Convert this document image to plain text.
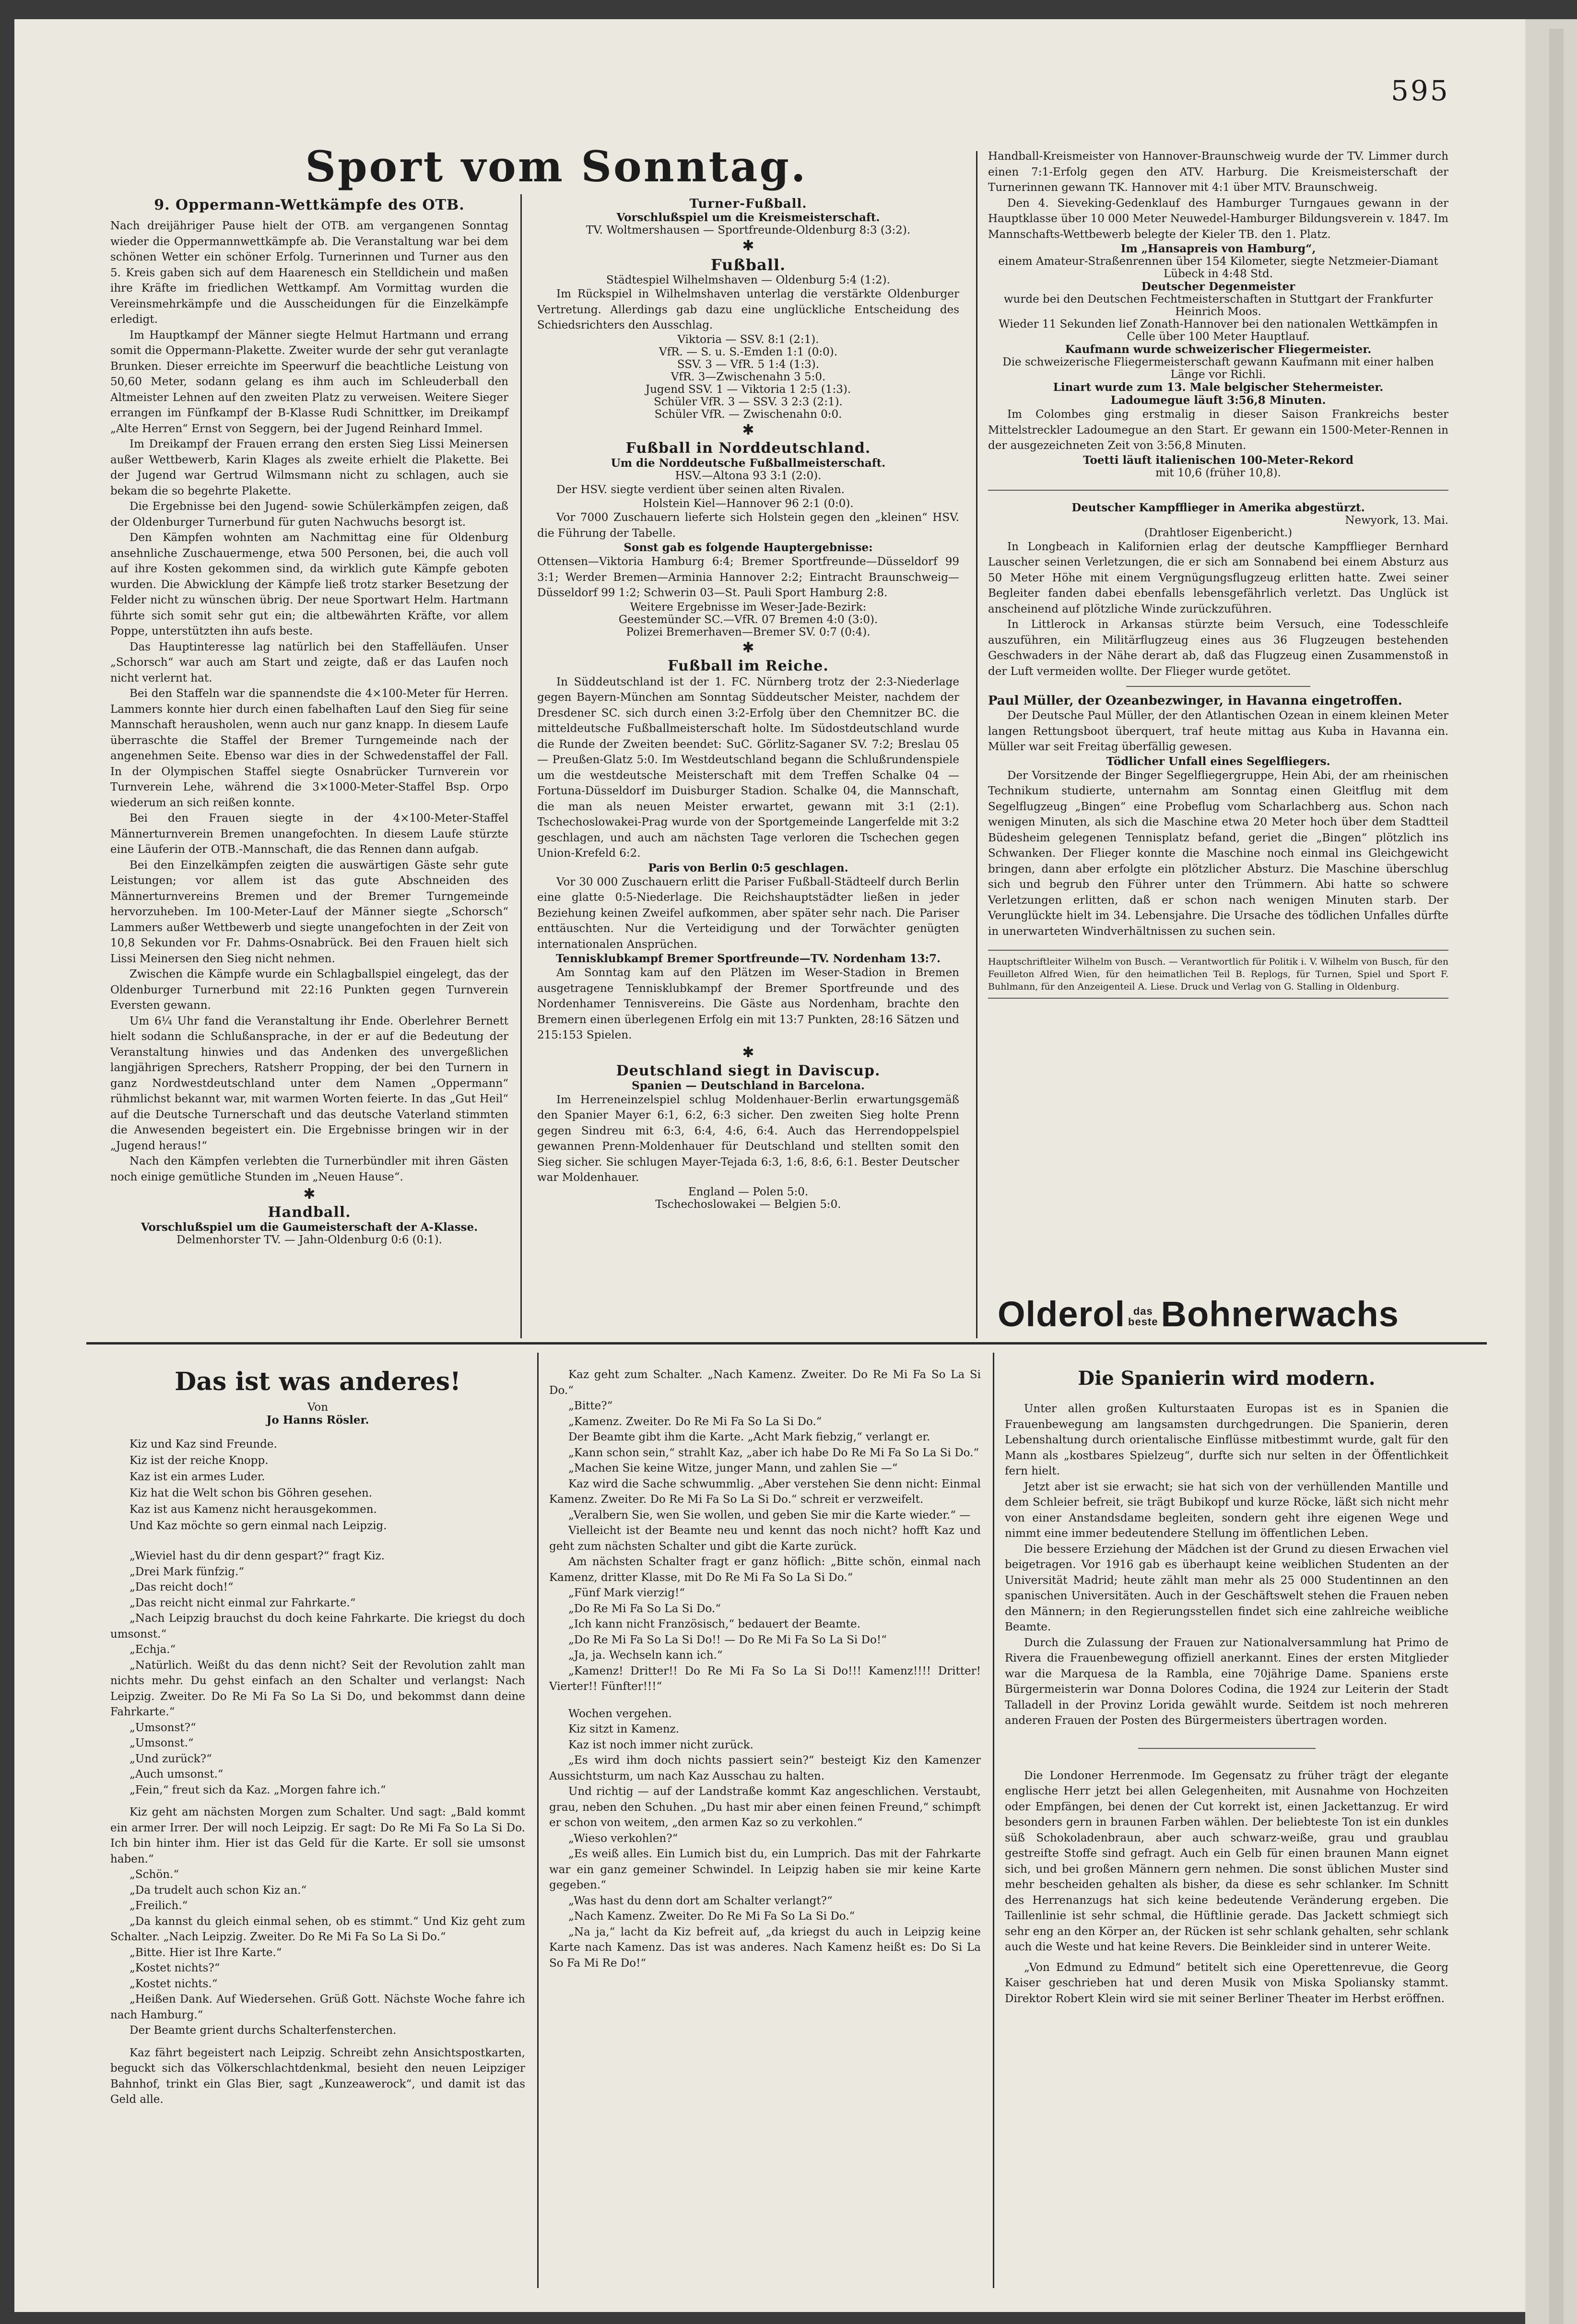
595
Sport vom Sonntag.
9. Oppermann-Wettkämpfe des OTB.

Nach dreijähriger Pause hielt der OTB. am vergangenen Sonntag wieder die Oppermannwettkämpfe ab. Die Veranstaltung war bei dem schönen Wetter ein schöner Erfolg. Turnerinnen und Turner aus den 5. Kreis gaben sich auf dem Haarenesch ein Stelldichein und maßen ihre Kräfte im friedlichen Wettkampf. Am Vormittag wurden die Vereinsmehrkämpfe und die Ausscheidungen für die Einzelkämpfe erledigt.

Im Hauptkampf der Männer siegte Helmut Hartmann und errang somit die Oppermann-Plakette. Zweiter wurde der sehr gut veranlagte Brunken. Dieser erreichte im Speerwurf die beachtliche Leistung von 50,60 Meter, sodann gelang es ihm auch im Schleuderball den Altmeister Lehnen auf den zweiten Platz zu verweisen. Weitere Sieger errangen im Fünfkampf der B-Klasse Rudi Schnittker, im Dreikampf „Alte Herren“ Ernst von Seggern, bei der Jugend Reinhard Immel.

Im Dreikampf der Frauen errang den ersten Sieg Lissi Meinersen außer Wettbewerb, Karin Klages als zweite erhielt die Plakette. Bei der Jugend war Gertrud Wilmsmann nicht zu schlagen, auch sie bekam die so begehrte Plakette.

Die Ergebnisse bei den Jugend- sowie Schülerkämpfen zeigen, daß der Oldenburger Turnerbund für guten Nachwuchs besorgt ist.

Den Kämpfen wohnten am Nachmittag eine für Oldenburg ansehnliche Zuschauermenge, etwa 500 Personen, bei, die auch voll auf ihre Kosten gekommen sind, da wirklich gute Kämpfe geboten wurden. Die Abwicklung der Kämpfe ließ trotz starker Besetzung der Felder nicht zu wünschen übrig. Der neue Sportwart Helm. Hartmann führte sich somit sehr gut ein; die altbewährten Kräfte, vor allem Poppe, unterstützten ihn aufs beste.

Das Hauptinteresse lag natürlich bei den Staffelläufen. Unser „Schorsch“ war auch am Start und zeigte, daß er das Laufen noch nicht verlernt hat.

Bei den Staffeln war die spannendste die 4×100-Meter für Herren. Lammers konnte hier durch einen fabelhaften Lauf den Sieg für seine Mannschaft herausholen, wenn auch nur ganz knapp. In diesem Laufe überraschte die Staffel der Bremer Turngemeinde nach der angenehmen Seite. Ebenso war dies in der Schwedenstaffel der Fall. In der Olympischen Staffel siegte Osnabrücker Turnverein vor Turnverein Lehe, während die 3×1000-Meter-Staffel Bsp. Orpo wiederum an sich reißen konnte.

Bei den Frauen siegte in der 4×100-Meter-Staffel Männerturnverein Bremen unangefochten. In diesem Laufe stürzte eine Läuferin der OTB.-Mannschaft, die das Rennen dann aufgab.

Bei den Einzelkämpfen zeigten die auswärtigen Gäste sehr gute Leistungen; vor allem ist das gute Abschneiden des Männerturnvereins Bremen und der Bremer Turngemeinde hervorzuheben. Im 100-Meter-Lauf der Männer siegte „Schorsch“ Lammers außer Wettbewerb und siegte unangefochten in der Zeit von 10,8 Sekunden vor Fr. Dahms-Osnabrück. Bei den Frauen hielt sich Lissi Meinersen den Sieg nicht nehmen.

Zwischen die Kämpfe wurde ein Schlagballspiel eingelegt, das der Oldenburger Turnerbund mit 22:16 Punkten gegen Turnverein Eversten gewann.

Um 6¼ Uhr fand die Veranstaltung ihr Ende. Oberlehrer Bernett hielt sodann die Schlußansprache, in der er auf die Bedeutung der Veranstaltung hinwies und das Andenken des unvergeßlichen langjährigen Sprechers, Ratsherr Propping, der bei den Turnern in ganz Nordwestdeutschland unter dem Namen „Oppermann“ rühmlichst bekannt war, mit warmen Worten feierte. In das „Gut Heil“ auf die Deutsche Turnerschaft und das deutsche Vaterland stimmten die Anwesenden begeistert ein. Die Ergebnisse bringen wir in der „Jugend heraus!“

Nach den Kämpfen verlebten die Turnerbündler mit ihren Gästen noch einige gemütliche Stunden im „Neuen Hause“.

✱
Handball.
Vorschlußspiel um die Gaumeisterschaft der A-Klasse.
Delmenhorster TV. — Jahn-Oldenburg 0:6 (0:1).
Turner-Fußball.
Vorschlußspiel um die Kreismeisterschaft.
TV. Woltmershausen — Sportfreunde-Oldenburg 8:3 (3:2).
✱
Fußball.
Städtespiel Wilhelmshaven — Oldenburg 5:4 (1:2).

Im Rückspiel in Wilhelmshaven unterlag die verstärkte Oldenburger Vertretung. Allerdings gab dazu eine unglückliche Entscheidung des Schiedsrichters den Ausschlag.

Viktoria — SSV. 8:1 (2:1).
VfR. — S. u. S.-Emden 1:1 (0:0).
SSV. 3 — VfR. 5 1:4 (1:3).
VfR. 3—Zwischenahn 3 5:0.
Jugend SSV. 1 — Viktoria 1 2:5 (1:3).
Schüler VfR. 3 — SSV. 3 2:3 (2:1).
Schüler VfR. — Zwischenahn 0:0.
✱
Fußball in Norddeutschland.
Um die Norddeutsche Fußballmeisterschaft.
HSV.—Altona 93 3:1 (2:0).

Der HSV. siegte verdient über seinen alten Rivalen.

Holstein Kiel—Hannover 96 2:1 (0:0).

Vor 7000 Zuschauern lieferte sich Holstein gegen den „kleinen“ HSV. die Führung der Tabelle.

Sonst gab es folgende Hauptergebnisse:

Ottensen—Viktoria Hamburg 6:4; Bremer Sportfreunde—Düsseldorf 99 3:1; Werder Bremen—Arminia Hannover 2:2; Eintracht Braunschweig—Düsseldorf 99 1:2; Schwerin 03—St. Pauli Sport Hamburg 2:8.

Weitere Ergebnisse im Weser-Jade-Bezirk:
Geestemünder SC.—VfR. 07 Bremen 4:0 (3:0).
Polizei Bremerhaven—Bremer SV. 0:7 (0:4).
✱
Fußball im Reiche.

In Süddeutschland ist der 1. FC. Nürnberg trotz der 2:3-Niederlage gegen Bayern-München am Sonntag Süddeutscher Meister, nachdem der Dresdener SC. sich durch einen 3:2-Erfolg über den Chemnitzer BC. die mitteldeutsche Fußballmeisterschaft holte. Im Südostdeutschland wurde die Runde der Zweiten beendet: SuC. Görlitz-Saganer SV. 7:2; Breslau 05 — Preußen-Glatz 5:0. Im Westdeutschland begann die Schlußrundenspiele um die westdeutsche Meisterschaft mit dem Treffen Schalke 04 — Fortuna-Düsseldorf im Duisburger Stadion. Schalke 04, die Mannschaft, die man als neuen Meister erwartet, gewann mit 3:1 (2:1). Tschechoslowakei-Prag wurde von der Sportgemeinde Langerfelde mit 3:2 geschlagen, und auch am nächsten Tage verloren die Tschechen gegen Union-Krefeld 6:2.

Paris von Berlin 0:5 geschlagen.

Vor 30 000 Zuschauern erlitt die Pariser Fußball-Städteelf durch Berlin eine glatte 0:5-Niederlage. Die Reichshauptstädter ließen in jeder Beziehung keinen Zweifel aufkommen, aber später sehr nach. Die Pariser enttäuschten. Nur die Verteidigung und der Torwächter genügten internationalen Ansprüchen.

Tennisklubkampf Bremer Sportfreunde—TV. Nordenham 13:7.

Am Sonntag kam auf den Plätzen im Weser-Stadion in Bremen ausgetragene Tennisklubkampf der Bremer Sportfreunde und des Nordenhamer Tennisvereins. Die Gäste aus Nordenham, brachte den Bremern einen überlegenen Erfolg ein mit 13:7 Punkten, 28:16 Sätzen und 215:153 Spielen.

✱
Deutschland siegt in Daviscup.
Spanien — Deutschland in Barcelona.

Im Herreneinzelspiel schlug Moldenhauer-Berlin erwartungsgemäß den Spanier Mayer 6:1, 6:2, 6:3 sicher. Den zweiten Sieg holte Prenn gegen Sindreu mit 6:3, 6:4, 4:6, 6:4. Auch das Herrendoppelspiel gewannen Prenn-Moldenhauer für Deutschland und stellten somit den Sieg sicher. Sie schlugen Mayer-Tejada 6:3, 1:6, 8:6, 6:1. Bester Deutscher war Moldenhauer.

England — Polen 5:0.
Tschechoslowakei — Belgien 5:0.

Handball-Kreismeister von Hannover-Braunschweig wurde der TV. Limmer durch einen 7:1-Erfolg gegen den ATV. Harburg. Die Kreismeisterschaft der Turnerinnen gewann TK. Hannover mit 4:1 über MTV. Braunschweig.

Den 4. Sieveking-Gedenklauf des Hamburger Turngaues gewann in der Hauptklasse über 10 000 Meter Neuwedel-Hamburger Bildungsverein v. 1847. Im Mannschafts-Wettbewerb belegte der Kieler TB. den 1. Platz.

Im „Hansapreis von Hamburg“,
einem Amateur-Straßenrennen über 154 Kilometer, siegte Netzmeier-Diamant Lübeck in 4:48 Std.
Deutscher Degenmeister
wurde bei den Deutschen Fechtmeisterschaften in Stuttgart der Frankfurter Heinrich Moos.
Wieder 11 Sekunden lief Zonath-Hannover bei den nationalen Wettkämpfen in Celle über 100 Meter Hauptlauf.
Kaufmann wurde schweizerischer Fliegermeister.
Die schweizerische Fliegermeisterschaft gewann Kaufmann mit einer halben Länge vor Richli.
Linart wurde zum 13. Male belgischer Stehermeister.
Ladoumegue läuft 3:56,8 Minuten.

Im Colombes ging erstmalig in dieser Saison Frankreichs bester Mittelstreckler Ladoumegue an den Start. Er gewann ein 1500-Meter-Rennen in der ausgezeichneten Zeit von 3:56,8 Minuten.

Toetti läuft italienischen 100-Meter-Rekord
mit 10,6 (früher 10,8).
Deutscher Kampfflieger in Amerika abgestürzt.
Newyork, 13. Mai.
(Drahtloser Eigenbericht.)

In Longbeach in Kalifornien erlag der deutsche Kampfflieger Bernhard Lauscher seinen Verletzungen, die er sich am Sonnabend bei einem Absturz aus 50 Meter Höhe mit einem Vergnügungsflugzeug erlitten hatte. Zwei seiner Begleiter fanden dabei ebenfalls lebensgefährlich verletzt. Das Unglück ist anscheinend auf plötzliche Winde zurückzuführen.

In Littlerock in Arkansas stürzte beim Versuch, eine Todesschleife auszuführen, ein Militärflugzeug eines aus 36 Flugzeugen bestehenden Geschwaders in der Nähe derart ab, daß das Flugzeug einen Zusammenstoß in der Luft vermeiden wollte. Der Flieger wurde getötet.

Paul Müller, der Ozeanbezwinger, in Havanna eingetroffen.

Der Deutsche Paul Müller, der den Atlantischen Ozean in einem kleinen Meter langen Rettungsboot überquert, traf heute mittag aus Kuba in Havanna ein. Müller war seit Freitag überfällig gewesen.

Tödlicher Unfall eines Segelfliegers.

Der Vorsitzende der Binger Segelfliegergruppe, Hein Abi, der am rheinischen Technikum studierte, unternahm am Sonntag einen Gleitflug mit dem Segelflugzeug „Bingen“ eine Probeflug vom Scharlachberg aus. Schon nach wenigen Minuten, als sich die Maschine etwa 20 Meter hoch über dem Stadtteil Büdesheim gelegenen Tennisplatz befand, geriet die „Bingen“ plötzlich ins Schwanken. Der Flieger konnte die Maschine noch einmal ins Gleichgewicht bringen, dann aber erfolgte ein plötzlicher Absturz. Die Maschine überschlug sich und begrub den Führer unter den Trümmern. Abi hatte so schwere Verletzungen erlitten, daß er schon nach wenigen Minuten starb. Der Verunglückte hielt im 34. Lebensjahre. Die Ursache des tödlichen Unfalles dürfte in unerwarteten Windverhältnissen zu suchen sein.

Hauptschriftleiter Wilhelm von Busch. — Verantwortlich für Politik i. V. Wilhelm von Busch, für den Feuilleton Alfred Wien, für den heimatlichen Teil B. Replogs, für Turnen, Spiel und Sport F. Buhlmann, für den Anzeigenteil A. Liese. Druck und Verlag von G. Stalling in Oldenburg.
Olderol das
besteBohnerwachs
Das ist was anderes!
Von
Jo Hanns Rösler.
Kiz und Kaz sind Freunde.
Kiz ist der reiche Knopp.
Kaz ist ein armes Luder.
Kiz hat die Welt schon bis Göhren gesehen.
Kaz ist aus Kamenz nicht herausgekommen.
Und Kaz möchte so gern einmal nach Leipzig.

„Wieviel hast du dir denn gespart?“ fragt Kiz.

„Drei Mark fünfzig.“

„Das reicht doch!“

„Das reicht nicht einmal zur Fahrkarte.“

„Nach Leipzig brauchst du doch keine Fahrkarte. Die kriegst du doch umsonst.“

„Echja.“

„Natürlich. Weißt du das denn nicht? Seit der Revolution zahlt man nichts mehr. Du gehst einfach an den Schalter und verlangst: Nach Leipzig. Zweiter. Do Re Mi Fa So La Si Do, und bekommst dann deine Fahrkarte.“

„Umsonst?“

„Umsonst.“

„Und zurück?“

„Auch umsonst.“

„Fein,“ freut sich da Kaz. „Morgen fahre ich.“

Kiz geht am nächsten Morgen zum Schalter. Und sagt: „Bald kommt ein armer Irrer. Der will noch Leipzig. Er sagt: Do Re Mi Fa So La Si Do. Ich bin hinter ihm. Hier ist das Geld für die Karte. Er soll sie umsonst haben.“

„Schön.“

„Da trudelt auch schon Kiz an.“

„Freilich.“

„Da kannst du gleich einmal sehen, ob es stimmt.“ Und Kiz geht zum Schalter. „Nach Leipzig. Zweiter. Do Re Mi Fa So La Si Do.“

„Bitte. Hier ist Ihre Karte.“

„Kostet nichts?“

„Kostet nichts.“

„Heißen Dank. Auf Wiedersehen. Grüß Gott. Nächste Woche fahre ich nach Hamburg.“

Der Beamte grient durchs Schalterfensterchen.

Kaz fährt begeistert nach Leipzig. Schreibt zehn Ansichtspostkarten, beguckt sich das Völkerschlachtdenkmal, besieht den neuen Leipziger Bahnhof, trinkt ein Glas Bier, sagt „Kunzeawerock“, und damit ist das Geld alle.

Kaz geht zum Schalter. „Nach Kamenz. Zweiter. Do Re Mi Fa So La Si Do.“

„Bitte?“

„Kamenz. Zweiter. Do Re Mi Fa So La Si Do.“

Der Beamte gibt ihm die Karte. „Acht Mark fiebzig,“ verlangt er.

„Kann schon sein,“ strahlt Kaz, „aber ich habe Do Re Mi Fa So La Si Do.“

„Machen Sie keine Witze, junger Mann, und zahlen Sie —“

Kaz wird die Sache schwummlig. „Aber verstehen Sie denn nicht: Einmal Kamenz. Zweiter. Do Re Mi Fa So La Si Do.“ schreit er verzweifelt.

„Veralbern Sie, wen Sie wollen, und geben Sie mir die Karte wieder.“ —

Vielleicht ist der Beamte neu und kennt das noch nicht? hofft Kaz und geht zum nächsten Schalter und gibt die Karte zurück.

Am nächsten Schalter fragt er ganz höflich: „Bitte schön, einmal nach Kamenz, dritter Klasse, mit Do Re Mi Fa So La Si Do.“

„Fünf Mark vierzig!“

„Do Re Mi Fa So La Si Do.“

„Ich kann nicht Französisch,“ bedauert der Beamte.

„Do Re Mi Fa So La Si Do!! — Do Re Mi Fa So La Si Do!“

„Ja, ja. Wechseln kann ich.“

„Kamenz! Dritter!! Do Re Mi Fa So La Si Do!!! Kamenz!!!! Dritter! Vierter!! Fünfter!!!“

Wochen vergehen.

Kiz sitzt in Kamenz.

Kaz ist noch immer nicht zurück.

„Es wird ihm doch nichts passiert sein?“ besteigt Kiz den Kamenzer Aussichtsturm, um nach Kaz Ausschau zu halten.

Und richtig — auf der Landstraße kommt Kaz angeschlichen. Verstaubt, grau, neben den Schuhen. „Du hast mir aber einen feinen Freund,“ schimpft er schon von weitem, „den armen Kaz so zu verkohlen.“

„Wieso verkohlen?“

„Es weiß alles. Ein Lumich bist du, ein Lumprich. Das mit der Fahrkarte war ein ganz gemeiner Schwindel. In Leipzig haben sie mir keine Karte gegeben.“

„Was hast du denn dort am Schalter verlangt?“

„Nach Kamenz. Zweiter. Do Re Mi Fa So La Si Do.“

„Na ja,“ lacht da Kiz befreit auf, „da kriegst du auch in Leipzig keine Karte nach Kamenz. Das ist was anderes. Nach Kamenz heißt es: Do Si La So Fa Mi Re Do!“

Die Spanierin wird modern.

Unter allen großen Kulturstaaten Europas ist es in Spanien die Frauenbewegung am langsamsten durchgedrungen. Die Spanierin, deren Lebenshaltung durch orientalische Einflüsse mitbestimmt wurde, galt für den Mann als „kostbares Spielzeug“, durfte sich nur selten in der Öffentlichkeit fern hielt.

Jetzt aber ist sie erwacht; sie hat sich von der verhüllenden Mantille und dem Schleier befreit, sie trägt Bubikopf und kurze Röcke, läßt sich nicht mehr von einer Anstandsdame begleiten, sondern geht ihre eigenen Wege und nimmt eine immer bedeutendere Stellung im öffentlichen Leben.

Die bessere Erziehung der Mädchen ist der Grund zu diesen Erwachen viel beigetragen. Vor 1916 gab es überhaupt keine weiblichen Studenten an der Universität Madrid; heute zählt man mehr als 25 000 Studentinnen an den spanischen Universitäten. Auch in der Geschäftswelt stehen die Frauen neben den Männern; in den Regierungsstellen findet sich eine zahlreiche weibliche Beamte.

Durch die Zulassung der Frauen zur Nationalversammlung hat Primo de Rivera die Frauenbewegung offiziell anerkannt. Eines der ersten Mitglieder war die Marquesa de la Rambla, eine 70jährige Dame. Spaniens erste Bürgermeisterin war Donna Dolores Codina, die 1924 zur Leiterin der Stadt Talladell in der Provinz Lorida gewählt wurde. Seitdem ist noch mehreren anderen Frauen der Posten des Bürgermeisters übertragen worden.

Die Londoner Herrenmode. Im Gegensatz zu früher trägt der elegante englische Herr jetzt bei allen Gelegenheiten, mit Ausnahme von Hochzeiten oder Empfängen, bei denen der Cut korrekt ist, einen Jackettanzug. Er wird besonders gern in braunen Farben wählen. Der beliebteste Ton ist ein dunkles süß Schokoladenbraun, aber auch schwarz-weiße, grau und graublau gestreifte Stoffe sind gefragt. Auch ein Gelb für einen braunen Mann eignet sich, und bei großen Männern gern nehmen. Die sonst üblichen Muster sind mehr bescheiden gehalten als bisher, da diese es sehr schlanker. Im Schnitt des Herrenanzugs hat sich keine bedeutende Veränderung ergeben. Die Taillenlinie ist sehr schmal, die Hüftlinie gerade. Das Jackett schmiegt sich sehr eng an den Körper an, der Rücken ist sehr schlank gehalten, sehr schlank auch die Weste und hat keine Revers. Die Beinkleider sind in unterer Weite.

„Von Edmund zu Edmund“ betitelt sich eine Operettenrevue, die Georg Kaiser geschrieben hat und deren Musik von Miska Spoliansky stammt. Direktor Robert Klein wird sie mit seiner Berliner Theater im Herbst eröffnen.
